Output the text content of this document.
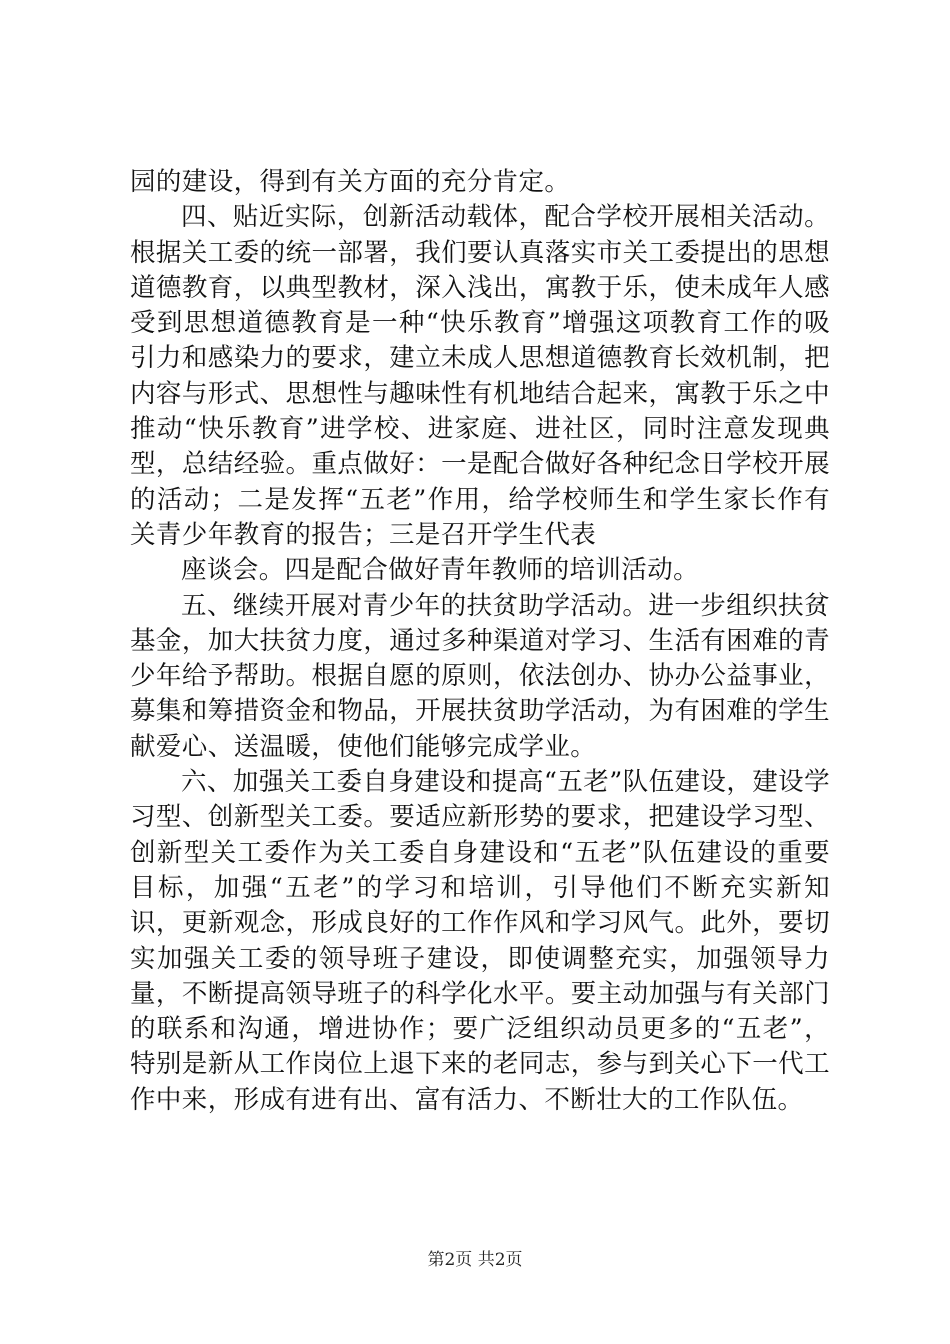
园的建设，得到有关方面的充分肯定。

四、贴近实际，创新活动载体，配合学校开展相关活动。根据关工委的统一部署，我们要认真落实市关工委提出的思想道德教育，以典型教材，深入浅出，寓教于乐，使未成年人感受到思想道德教育是一种“快乐教育”增强这项教育工作的吸引力和感染力的要求，建立未成人思想道德教育长效机制，把内容与形式、思想性与趣味性有机地结合起来，寓教于乐之中推动“快乐教育”进学校、进家庭、进社区，同时注意发现典型，总结经验。重点做好：一是配合做好各种纪念日学校开展的活动；二是发挥“五老”作用，给学校师生和学生家长作有关青少年教育的报告；三是召开学生代表

座谈会。四是配合做好青年教师的培训活动。

五、继续开展对青少年的扶贫助学活动。进一步组织扶贫基金，加大扶贫力度，通过多种渠道对学习、生活有困难的青少年给予帮助。根据自愿的原则，依法创办、协办公益事业，募集和筹措资金和物品，开展扶贫助学活动，为有困难的学生献爱心、送温暖，使他们能够完成学业。

六、加强关工委自身建设和提高“五老”队伍建设，建设学习型、创新型关工委。要适应新形势的要求，把建设学习型、创新型关工委作为关工委自身建设和“五老”队伍建设的重要目标，加强“五老”的学习和培训，引导他们不断充实新知识，更新观念，形成良好的工作作风和学习风气。此外，要切实加强关工委的领导班子建设，即使调整充实，加强领导力量，不断提高领导班子的科学化水平。要主动加强与有关部门的联系和沟通，增进协作；要广泛组织动员更多的“五老”，特别是新从工作岗位上退下来的老同志，参与到关心下一代工作中来，形成有进有出、富有活力、不断壮大的工作队伍。

第2页 共2页
